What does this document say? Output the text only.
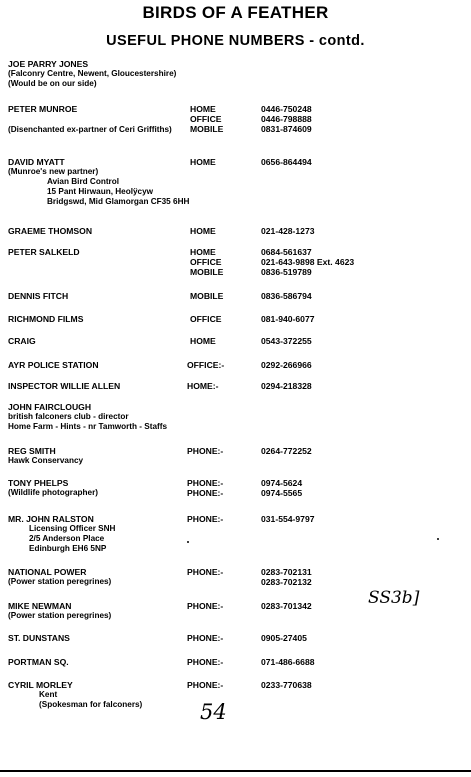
BIRDS OF A FEATHER
USEFUL PHONE NUMBERS - contd.
JOE PARRY JONES
(Falconry Centre, Newent, Gloucestershire)
(Would be on our side)
PETER MUNROE
(Disenchanted ex-partner of Ceri Griffiths)
HOME	0446-750248
OFFICE	0446-798888
MOBILE	0831-874609
DAVID MYATT
(Munroe's new partner)
Avian Bird Control
15 Pant Hirwaun, Heolÿcyw
Bridgswd, Mid Glamorgan CF35 6HH
HOME	0656-864494
GRAEME THOMSON	HOME	021-428-1273
PETER SALKELD	HOME	0684-561637
OFFICE	021-643-9898 Ext. 4623
MOBILE	0836-519789
DENNIS FITCH	MOBILE	0836-586794
RICHMOND FILMS	OFFICE	081-940-6077
CRAIG	HOME	0543-372255
AYR POLICE STATION	OFFICE:-	0292-266966
INSPECTOR WILLIE ALLEN	HOME:-	0294-218328
JOHN FAIRCLOUGH
british falconers club - director
Home Farm - Hints - nr Tamworth - Staffs
REG SMITH
Hawk Conservancy
PHONE:-	0264-772252
TONY PHELPS
(Wildlife photographer)
PHONE:-	0974-5624
PHONE:-	0974-5565
MR. JOHN RALSTON
Licensing Officer SNH
2/5 Anderson Place
Edinburgh EH6 5NP
PHONE:-	031-554-9797
NATIONAL POWER
(Power station peregrines)
PHONE:-	0283-702131
0283-702132
MIKE NEWMAN
(Power station peregrines)
PHONE:-	0283-701342
ST. DUNSTANS	PHONE:-	0905-27405
PORTMAN SQ.	PHONE:-	071-486-6688
CYRIL MORLEY
Kent
(Spokesman for falconers)
PHONE:-	0233-770638
54
SS3b]
